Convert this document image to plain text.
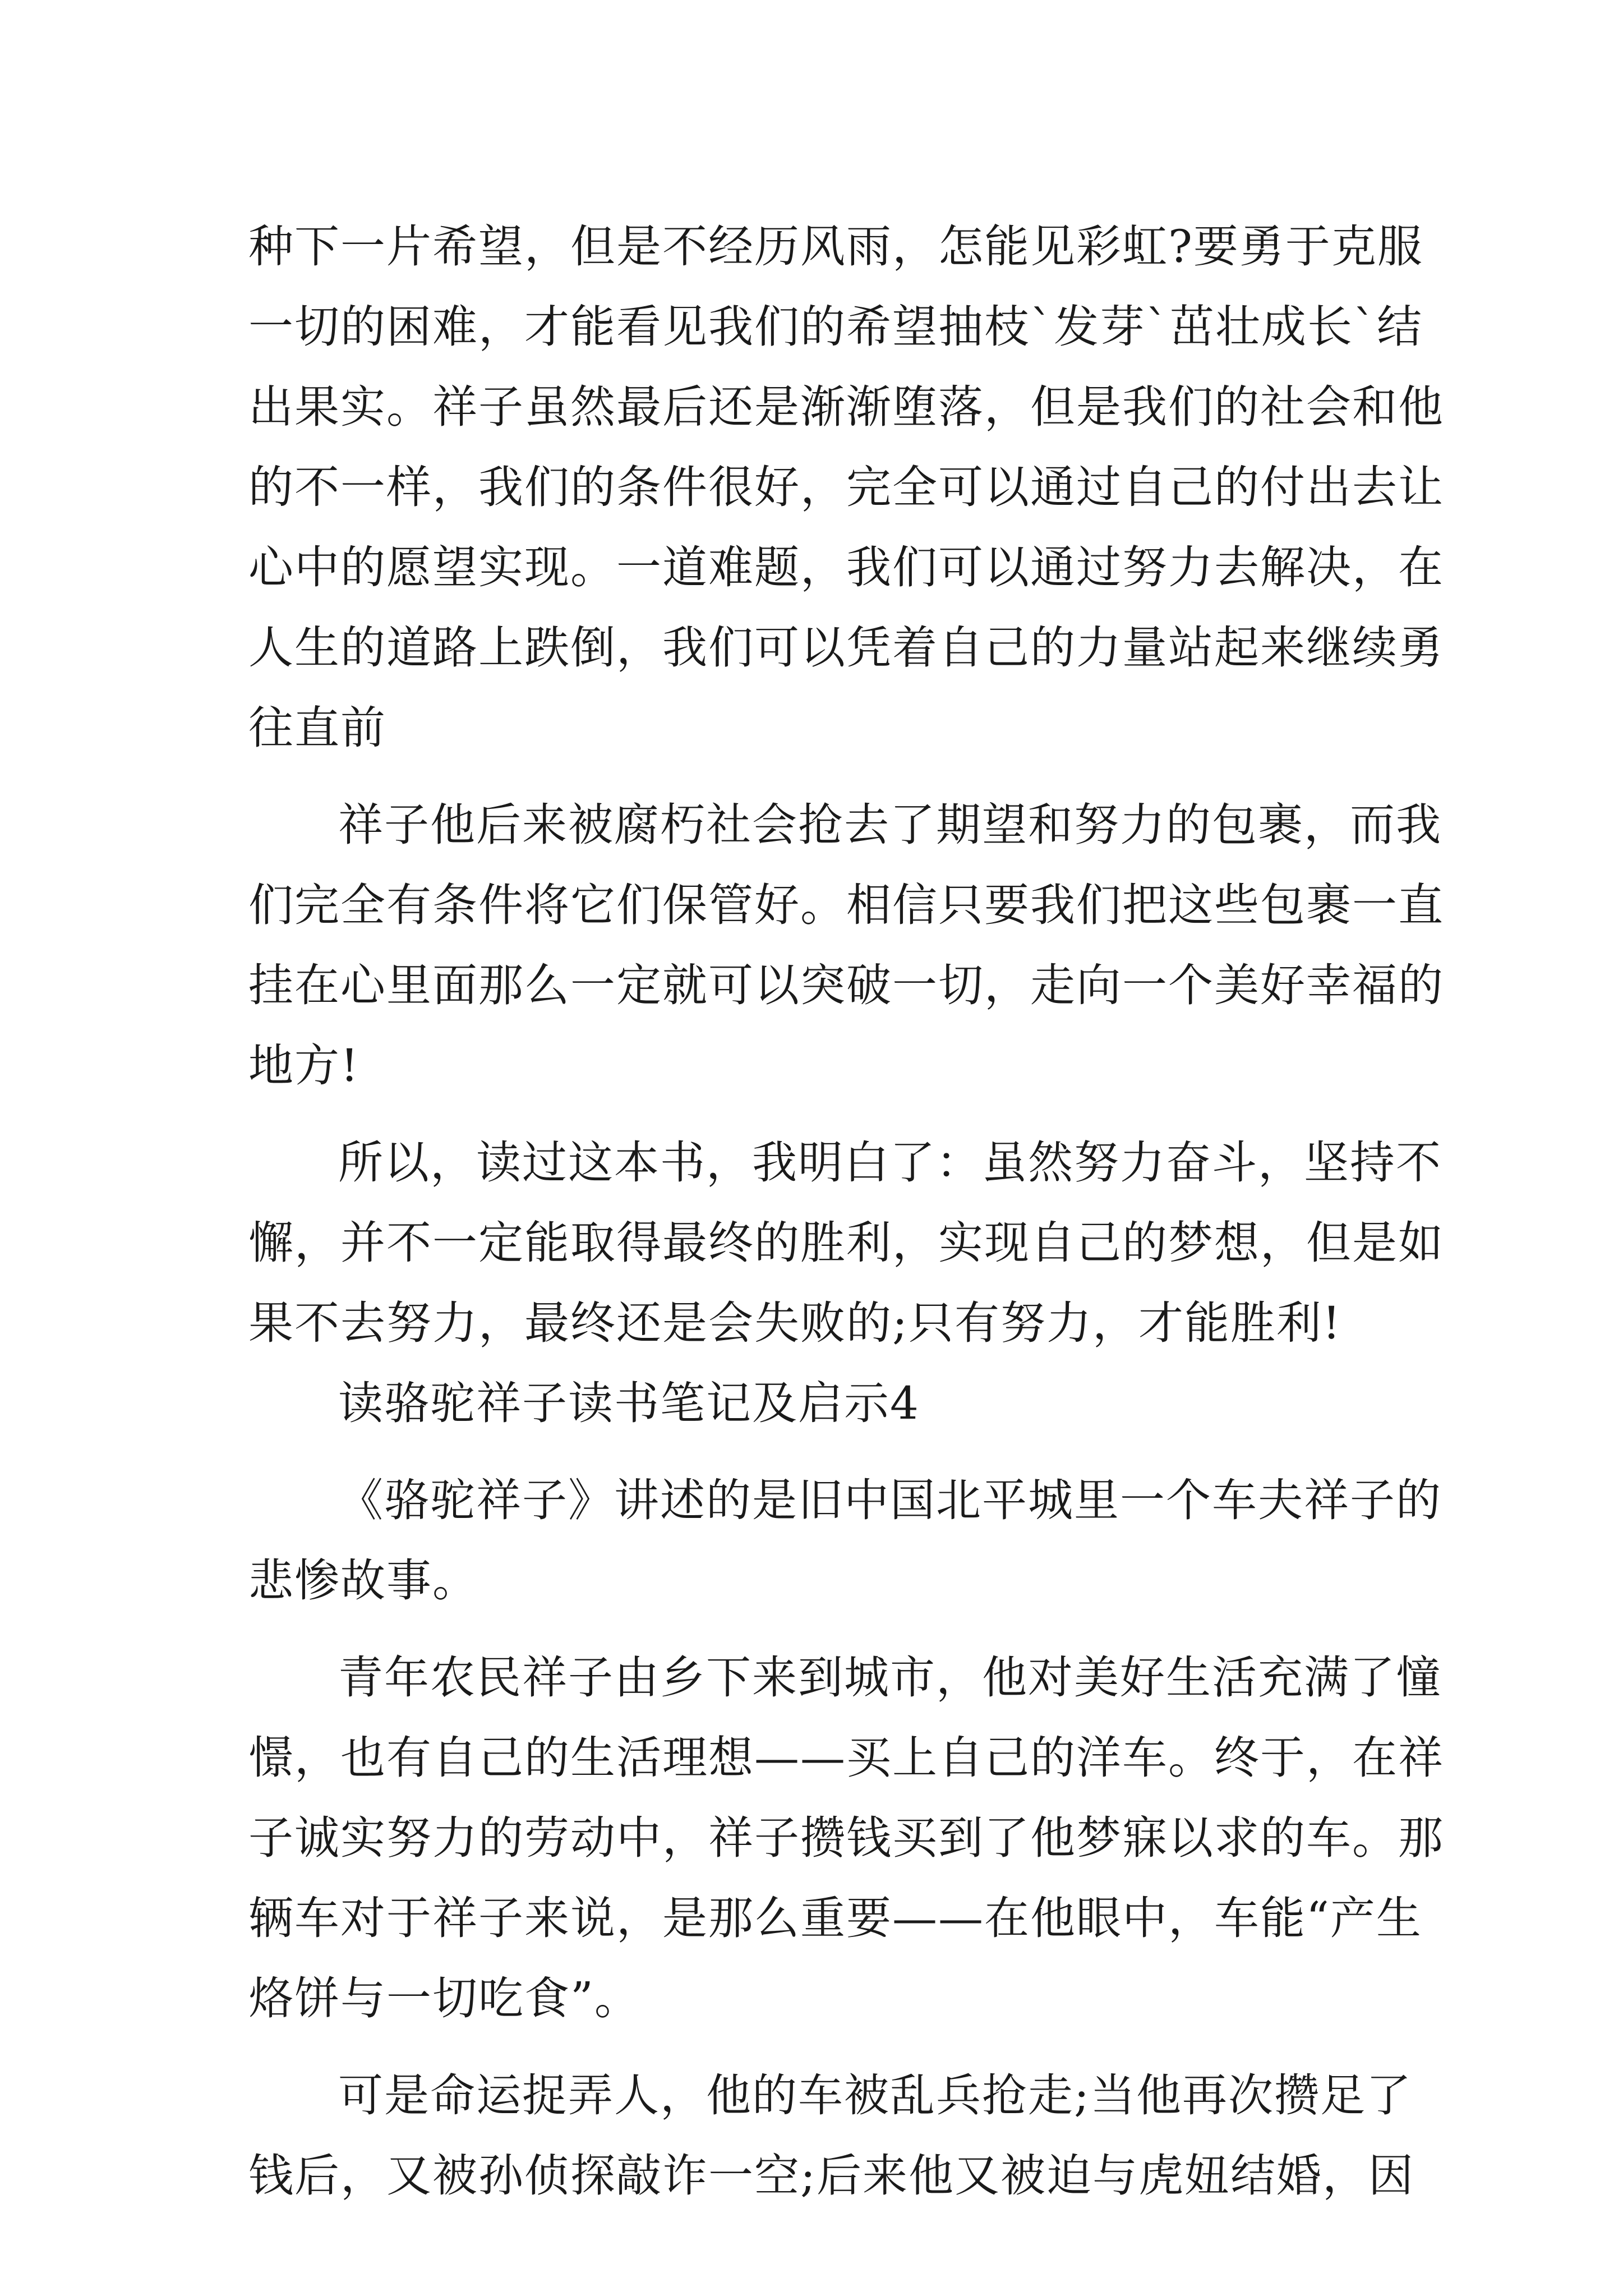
种下一片希望，但是不经历风雨，怎能见彩虹?要勇于克服
一切的困难，才能看见我们的希望抽枝`发芽`茁壮成长`结
出果实。祥子虽然最后还是渐渐堕落，但是我们的社会和他
的不一样，我们的条件很好，完全可以通过自己的付出去让
心中的愿望实现。一道难题，我们可以通过努力去解决，在
人生的道路上跌倒，我们可以凭着自己的力量站起来继续勇
往直前
祥子他后来被腐朽社会抢去了期望和努力的包裹，而我
们完全有条件将它们保管好。相信只要我们把这些包裹一直
挂在心里面那么一定就可以突破一切，走向一个美好幸福的
地方!
所以，读过这本书，我明白了：虽然努力奋斗，坚持不
懈，并不一定能取得最终的胜利，实现自己的梦想，但是如
果不去努力，最终还是会失败的;只有努力，才能胜利!
读骆驼祥子读书笔记及启示4
《骆驼祥子》讲述的是旧中国北平城里一个车夫祥子的
悲惨故事。
青年农民祥子由乡下来到城市，他对美好生活充满了憧
憬，也有自己的生活理想——买上自己的洋车。终于，在祥
子诚实努力的劳动中，祥子攒钱买到了他梦寐以求的车。那
辆车对于祥子来说，是那么重要——在他眼中，车能“产生
烙饼与一切吃食”。
可是命运捉弄人，他的车被乱兵抢走;当他再次攒足了
钱后，又被孙侦探敲诈一空;后来他又被迫与虎妞结婚，因
